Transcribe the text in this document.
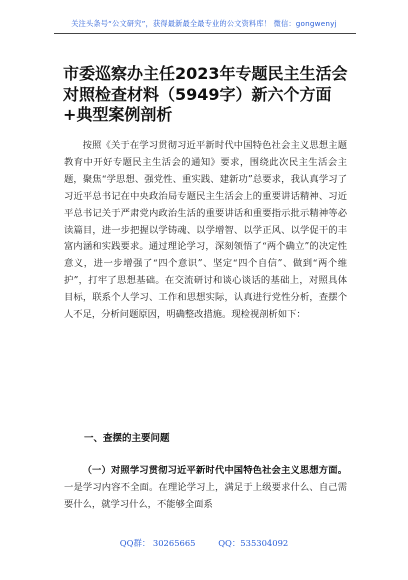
关注头条号“公文研究”，获得最新最全最专业的公文资料库！ 微信：gongwenyj
市委巡察办主任2023年专题民主生活会对照检查材料（5949字）新六个方面+典型案例剖析

按照《关于在学习贯彻习近平新时代中国特色社会主义思想主题教育中开好专题民主生活会的通知》要求，围绕此次民主生活会主题，聚焦“学思想、强党性、重实践、建新功”总要求，我认真学习了习近平总书记在中央政治局专题民主生活会上的重要讲话精神、习近平总书记关于严肃党内政治生活的重要讲话和重要指示批示精神等必读篇目，进一步把握以学铸魂、以学增智、以学正风、以学促干的丰富内涵和实践要求。通过理论学习，深刻领悟了“两个确立”的决定性意义，进一步增强了“四个意识”、坚定“四个自信”、做到“两个维护”，打牢了思想基础。在交流研讨和谈心谈话的基础上，对照具体目标，联系个人学习、工作和思想实际，认真进行党性分析，查摆个人不足，分析问题原因，明确整改措施。现检视剖析如下：

一、查摆的主要问题

（一）对照学习贯彻习近平新时代中国特色社会主义思想方面。一是学习内容不全面。在理论学习上，满足于上级要求什么、自己需要什么，就学习什么，不能够全面系

QQ群： 30265665	QQ：535304092
